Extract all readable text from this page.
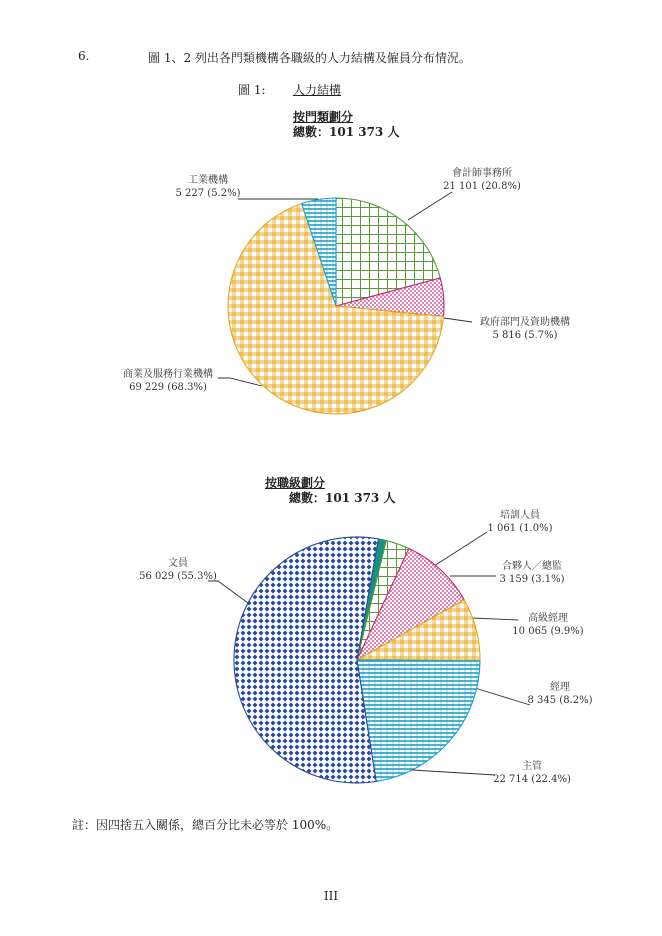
6.	圖 1、2 列出各門類機構各職級的人力結構及僱員分布情況。
圖 1: 人力結構
按門類劃分
總數：101 373 人
按職級劃分
總數：101 373 人
會計師事務所
21 101 (20.8%)
政府部門及資助機構
5 816 (5.7%)
商業及服務行業機構
69 229 (68.3%)
工業機構
5 227 (5.2%)
培訓人員
1 061 (1.0%)
合夥人／總監
3 159 (3.1%)
高級經理
10 065 (9.9%)
經理
8 345 (8.2%)
主管
22 714 (22.4%)
文員
56 029 (55.3%)
註：因四捨五入關係，總百分比未必等於 100%。
III
